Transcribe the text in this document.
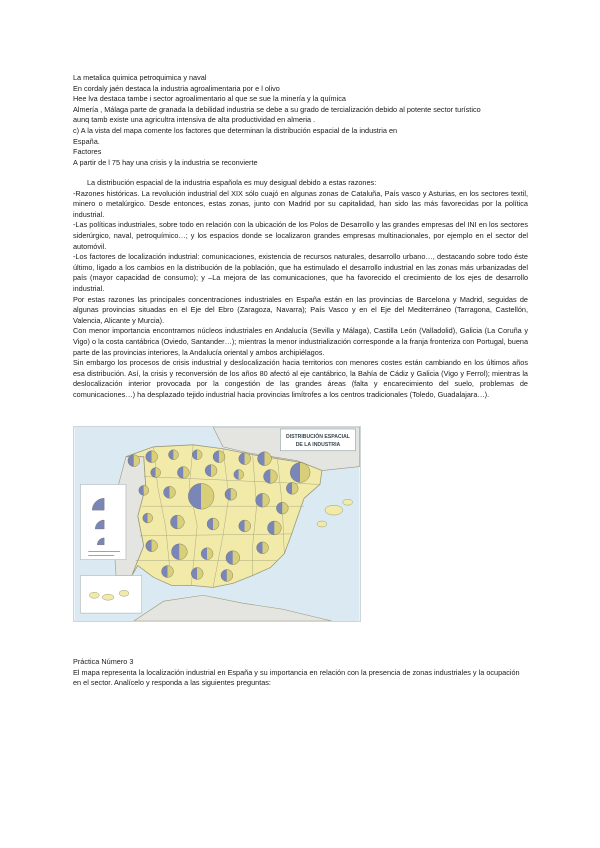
La metalica quimica petroquimica y naval

En cordaly jaén destaca la industria agroalimentaria por e l olivo

Hee lva destaca tambe i sector agroalimentario al que se sue la minería y la química

Almería , Málaga parte de granada la debilidad industria se debe a su grado de tercialización debido al potente sector turístico

aunq tamb existe una agricultra intensiva de alta productividad en almeria .

c) A la vista del mapa comente los factores que determinan la distribución espacial de la industria en

España.

Factores

A partir de l 75 hay una crisis y la industria se reconvierte

La distribución espacial de la industria española es muy desigual debido a estas razones:

-Razones históricas. La revolución industrial del XIX sólo cuajó en algunas zonas de Cataluña, País vasco y Asturias, en los sectores textil, minero o metalúrgico. Desde entonces, estas zonas, junto con Madrid por su capitalidad, han sido las más favorecidas por la política industrial.

-Las políticas industriales, sobre todo en relación con la ubicación de los Polos de Desarrollo y las grandes empresas del INI en los sectores siderúrgico, naval, petroquímico…; y los espacios donde se localizaron grandes empresas multinacionales, por ejemplo en el sector del automóvil.

-Los factores de localización industrial: comunicaciones, existencia de recursos naturales, desarrollo urbano…, destacando sobre todo éste último, ligado a los cambios en la distribución de la población, que ha estimulado el desarrollo industrial en las zonas más urbanizadas del país (mayor capacidad de consumo); y –La mejora de las comunicaciones, que ha favorecido el crecimiento de los ejes de desarrollo industrial.

Por estas razones las principales concentraciones industriales en España están en las provincias de Barcelona y Madrid, seguidas de algunas provincias situadas en el Eje del Ebro (Zaragoza, Navarra); País Vasco y en el Eje del Mediterráneo (Tarragona, Castellón, Valencia, Alicante y Murcia).

Con menor importancia encontramos núcleos industriales en Andalucía (Sevilla y Málaga), Castilla León (Valladolid), Galicia (La Coruña y Vigo) o la costa cantábrica (Oviedo, Santander…); mientras la menor industrialización corresponde a la franja fronteriza con Portugal, buena parte de las provincias interiores, la Andalucía oriental y ambos archipiélagos.

Sin embargo los procesos de crisis industrial y deslocalización hacia territorios con menores costes están cambiando en los últimos años esa distribución. Así, la crisis y reconversión de los años 80 afectó al eje cantábrico, la Bahía de Cádiz y Galicia (Vigo y Ferrol); mientras la deslocalización interior provocada por la congestión de las grandes áreas (falta y encarecimiento del suelo, problemas de comunicaciones…) ha desplazado tejido industrial hacia provincias limítrofes a los centros tradicionales (Toledo, Guadalajara…).

DISTRIBUCIÓN ESPACIAL
DE LA INDUSTRIA

Práctica Número 3

El mapa representa la localización industrial en España y su importancia en relación con la presencia de zonas industriales y la ocupación en el sector. Analícelo y responda a las siguientes preguntas:
